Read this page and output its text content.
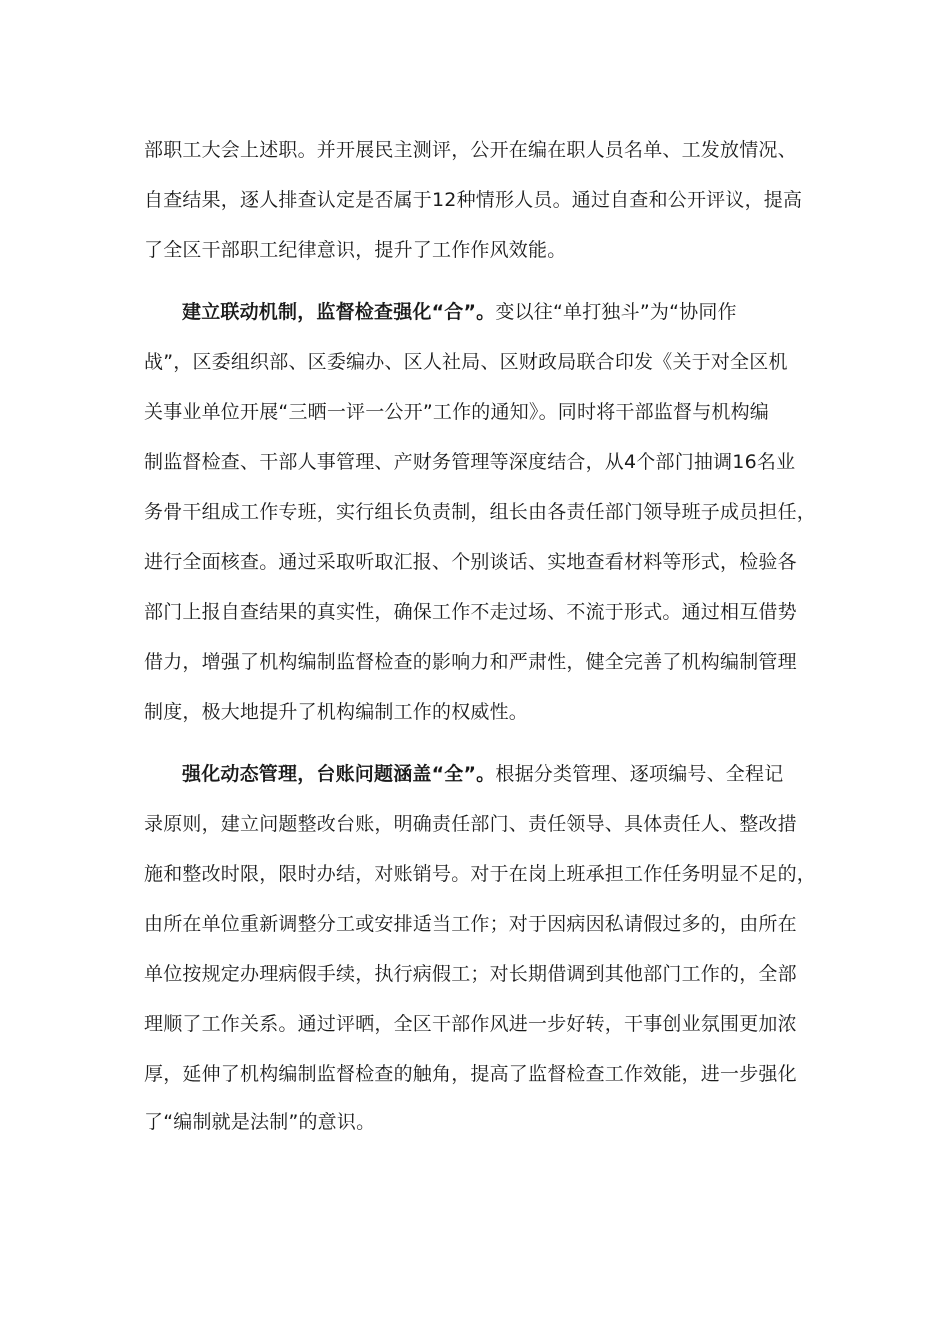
部职工大会上述职。并开展民主测评，公开在编在职人员名单、工发放情况、
自查结果，逐人排查认定是否属于12种情形人员。通过自查和公开评议，提高
了全区干部职工纪律意识，提升了工作作风效能。
建立联动机制，监督检查强化“合”。变以往“单打独斗”为“协同作
战”，区委组织部、区委编办、区人社局、区财政局联合印发《关于对全区机
关事业单位开展“三晒一评一公开”工作的通知》。同时将干部监督与机构编
制监督检查、干部人事管理、产财务管理等深度结合，从4个部门抽调16名业
务骨干组成工作专班，实行组长负责制，组长由各责任部门领导班子成员担任，
进行全面核查。通过采取听取汇报、个别谈话、实地查看材料等形式，检验各
部门上报自查结果的真实性，确保工作不走过场、不流于形式。通过相互借势
借力，增强了机构编制监督检查的影响力和严肃性，健全完善了机构编制管理
制度，极大地提升了机构编制工作的权威性。
强化动态管理，台账问题涵盖“全”。根据分类管理、逐项编号、全程记
录原则，建立问题整改台账，明确责任部门、责任领导、具体责任人、整改措
施和整改时限，限时办结，对账销号。对于在岗上班承担工作任务明显不足的，
由所在单位重新调整分工或安排适当工作；对于因病因私请假过多的，由所在
单位按规定办理病假手续，执行病假工；对长期借调到其他部门工作的，全部
理顺了工作关系。通过评晒，全区干部作风进一步好转，干事创业氛围更加浓
厚，延伸了机构编制监督检查的触角，提高了监督检查工作效能，进一步强化
了“编制就是法制”的意识。
